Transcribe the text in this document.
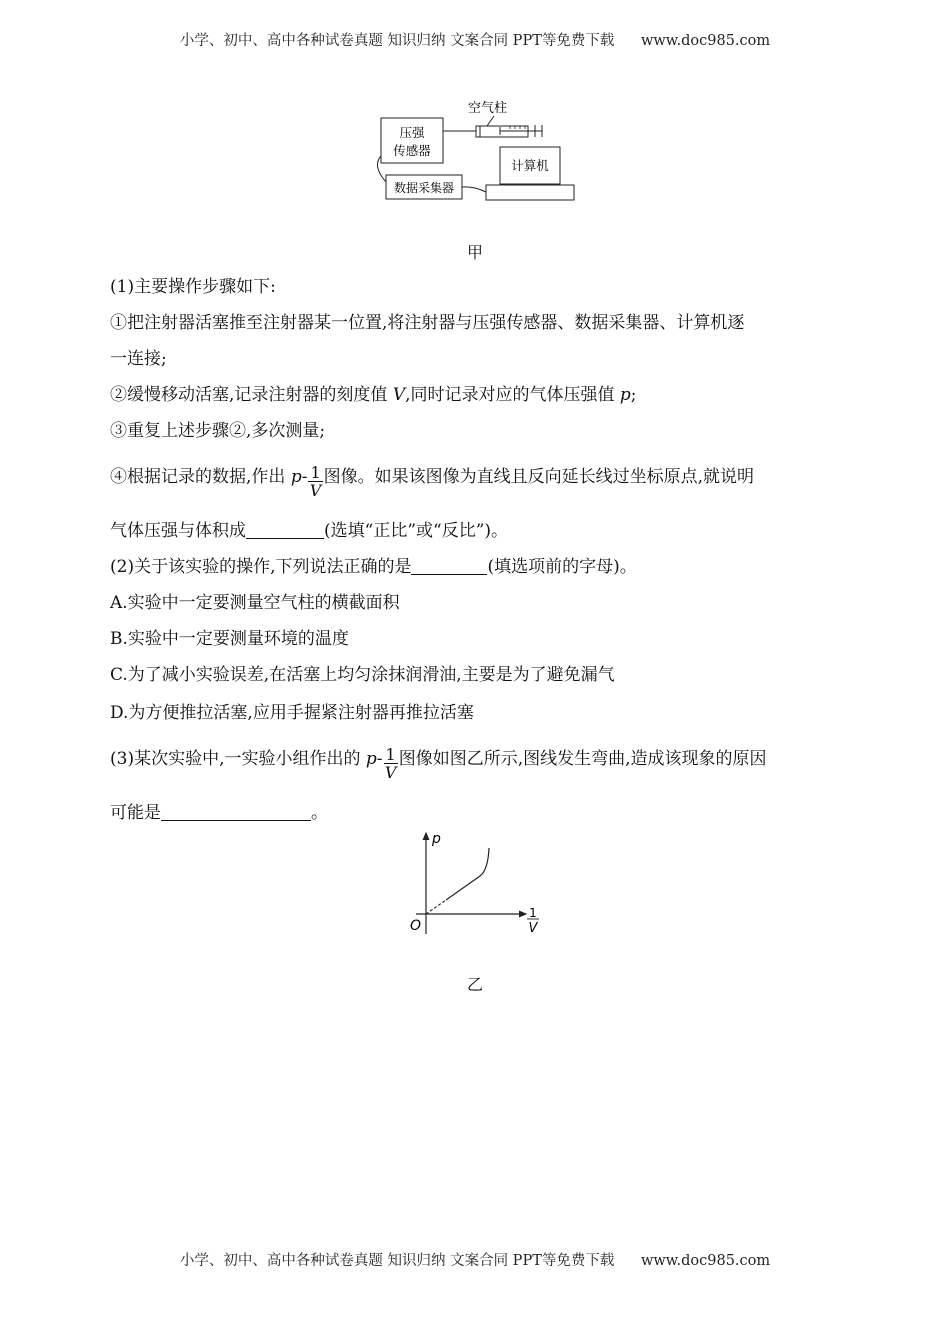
小学、初中、高中各种试卷真题 知识归纳 文案合同 PPT等免费下载 www.doc985.com
空气柱
压强
传感器
计算机
数据采集器
甲
(1)主要操作步骤如下:
①把注射器活塞推至注射器某一位置,将注射器与压强传感器、数据采集器、计算机逐
一连接;
②缓慢移动活塞,记录注射器的刻度值 V,同时记录对应的气体压强值 p;
③重复上述步骤②,多次测量;
④根据记录的数据,作出 $p- \frac{1}{V}$ 图像。如果该图像为直线且反向延长线过坐标原点,就说明
气体压强与体积成	(选填“正比”或“反比”)。
(2)关于该实验的操作,下列说法正确的是	(填选项前的字母)。
A.实验中一定要测量空气柱的横截面积
B.实验中一定要测量环境的温度
C.为了减小实验误差,在活塞上均匀涂抹润滑油,主要是为了避免漏气
D.为方便推拉活塞,应用手握紧注射器再推拉活塞
(3)某次实验中,一实验小组作出的 $p- \frac{1}{V}$ 图像如图乙所示,图线发生弯曲,造成该现象的原因
可能是	。
p
O
1
V
乙
小学、初中、高中各种试卷真题 知识归纳 文案合同 PPT等免费下载 www.doc985.com
